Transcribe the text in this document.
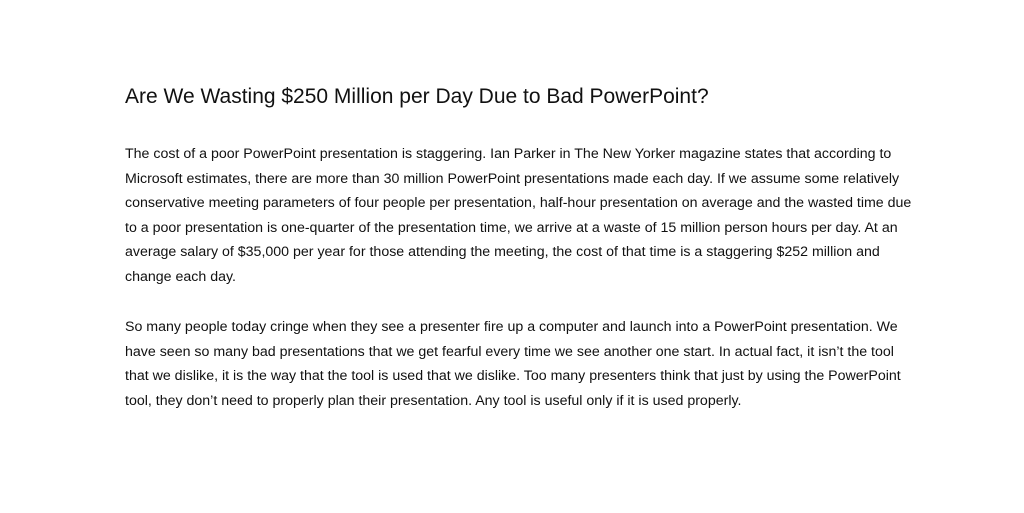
Are We Wasting $250 Million per Day Due to Bad PowerPoint?

The cost of a poor PowerPoint presentation is staggering. Ian Parker in The New Yorker magazine states that according to Microsoft estimates, there are more than 30 million PowerPoint presentations made each day. If we assume some relatively conservative meeting parameters of four people per presentation, half-hour presentation on average and the wasted time due to a poor presentation is one-quarter of the presentation time, we arrive at a waste of 15 million person hours per day. At an average salary of $35,000 per year for those attending the meeting, the cost of that time is a staggering $252 million and change each day.

So many people today cringe when they see a presenter fire up a computer and launch into a PowerPoint presentation. We have seen so many bad presentations that we get fearful every time we see another one start. In actual fact, it isn’t the tool that we dislike, it is the way that the tool is used that we dislike. Too many presenters think that just by using the PowerPoint tool, they don’t need to properly plan their presentation. Any tool is useful only if it is used properly.
